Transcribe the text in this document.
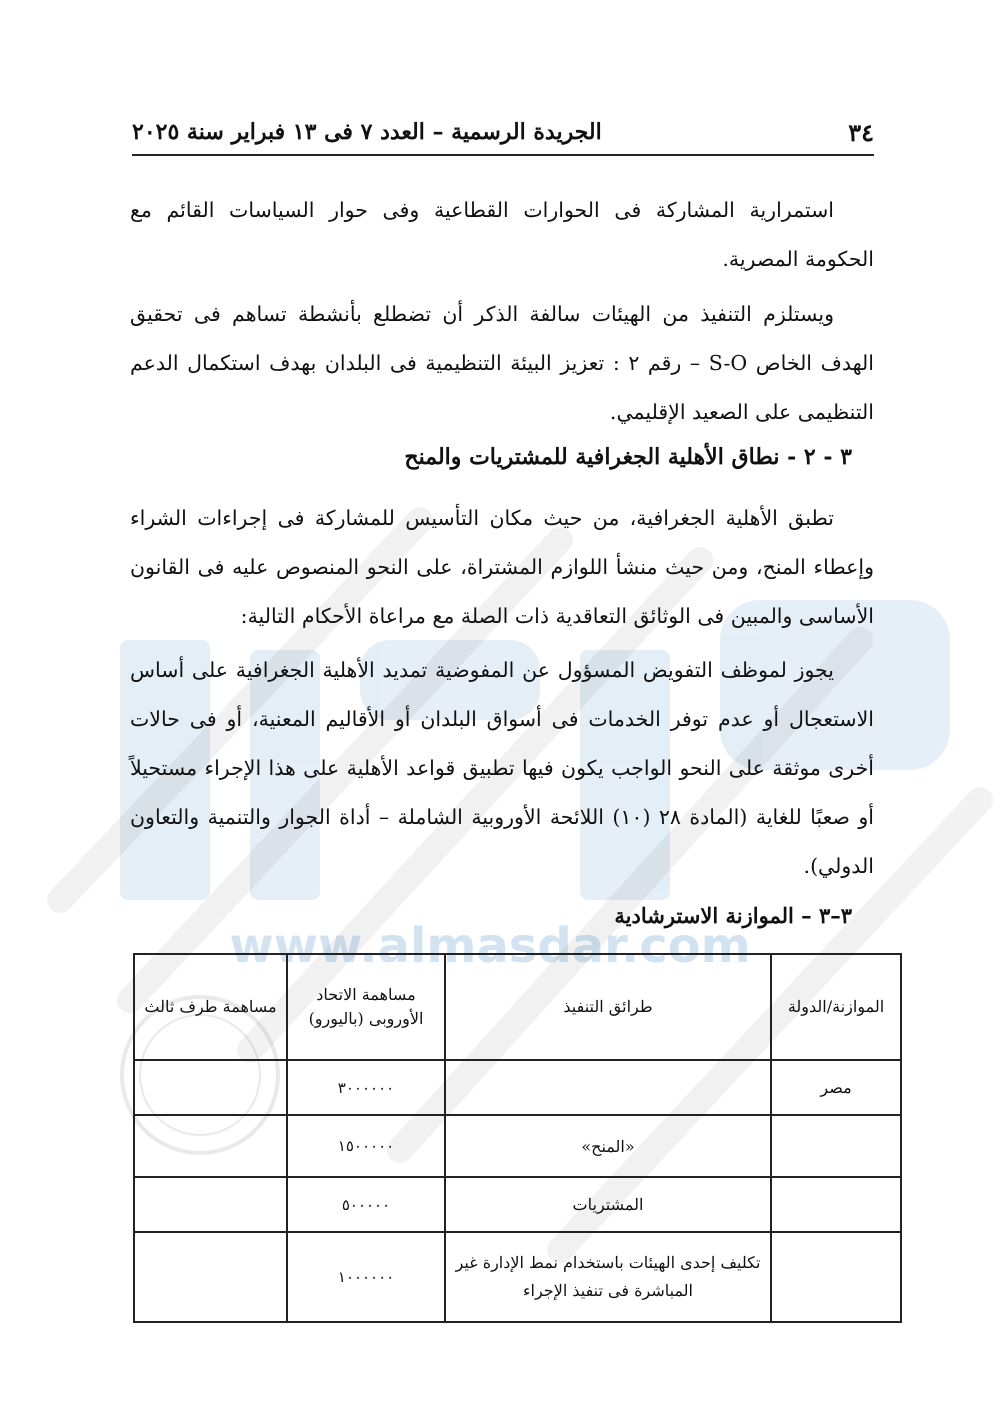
www.almasdar.com
٣٤
الجريدة الرسمية – العدد ٧ فى ١٣ فبراير سنة ٢٠٢٥

استمرارية المشاركة فى الحوارات القطاعية وفى حوار السياسات القائم مع الحكومة المصرية.

ويستلزم التنفيذ من الهيئات سالفة الذكر أن تضطلع بأنشطة تساهم فى تحقيق الهدف الخاص S-O – رقم ٢ : تعزيز البيئة التنظيمية فى البلدان بهدف استكمال الدعم التنظيمى على الصعيد الإقليمي.

٣ - ٢ - نطاق الأهلية الجغرافية للمشتريات والمنح

تطبق الأهلية الجغرافية، من حيث مكان التأسيس للمشاركة فى إجراءات الشراء وإعطاء المنح، ومن حيث منشأ اللوازم المشتراة، على النحو المنصوص عليه فى القانون الأساسى والمبين فى الوثائق التعاقدية ذات الصلة مع مراعاة الأحكام التالية:

يجوز لموظف التفويض المسؤول عن المفوضية تمديد الأهلية الجغرافية على أساس الاستعجال أو عدم توفر الخدمات فى أسواق البلدان أو الأقاليم المعنية، أو فى حالات أخرى موثقة على النحو الواجب يكون فيها تطبيق قواعد الأهلية على هذا الإجراء مستحيلاً أو صعبًا للغاية (المادة ٢٨ (١٠) اللائحة الأوروبية الشاملة – أداة الجوار والتنمية والتعاون الدولي).

٣–٣ – الموازنة الاسترشادية
الموازنة/الدولة	طرائق التنفيذ	مساهمة الاتحاد الأوروبى (باليورو)	مساهمة طرف ثالث
مصر		٣٠٠٠٠٠٠	
	«المنح»	١٥٠٠٠٠٠	
	المشتريات	٥٠٠٠٠٠	
	تكليف إحدى الهيئات باستخدام نمط الإدارة غير المباشرة فى تنفيذ الإجراء	١٠٠٠٠٠٠	
